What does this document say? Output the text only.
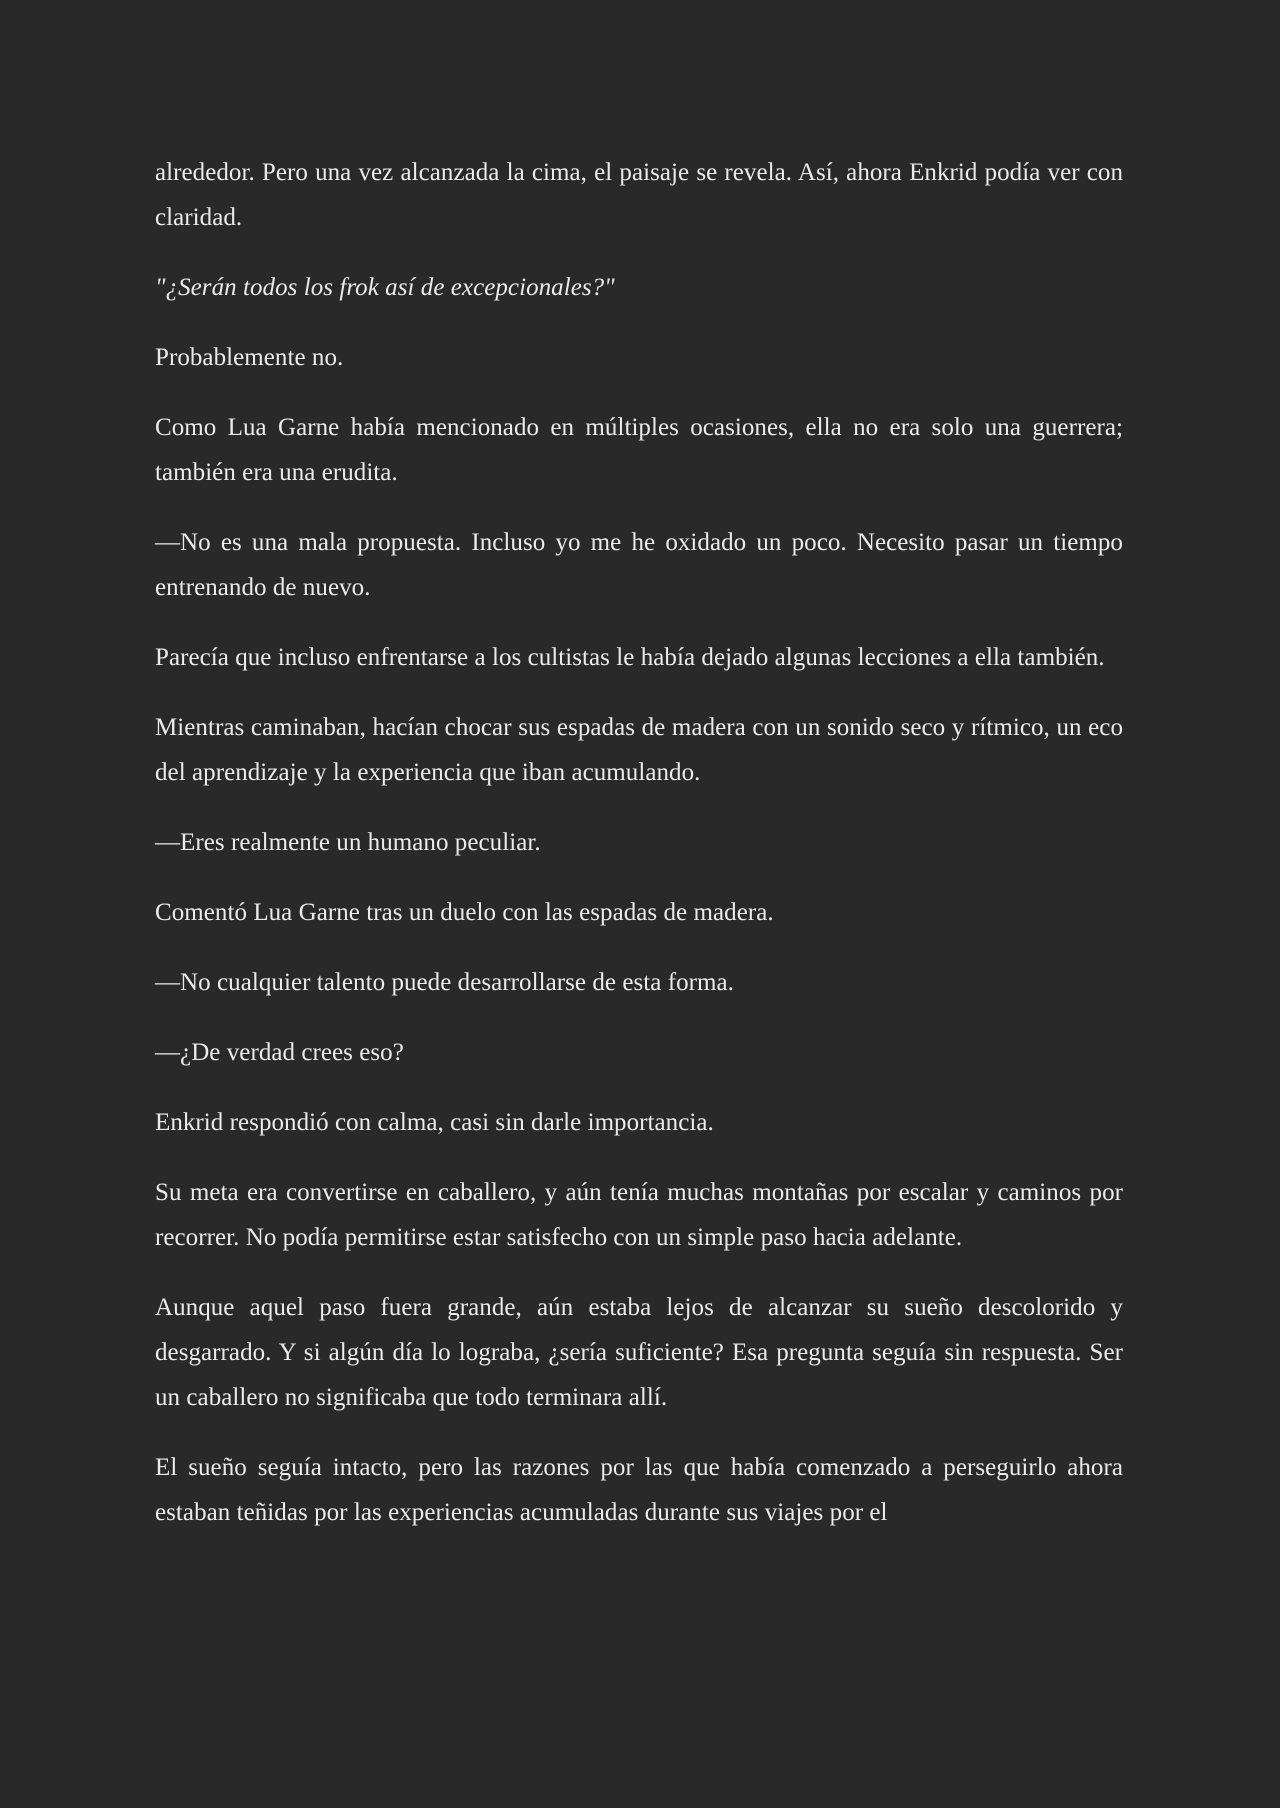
alrededor. Pero una vez alcanzada la cima, el paisaje se revela. Así, ahora Enkrid podía ver con claridad.

"¿Serán todos los frok así de excepcionales?"

Probablemente no.

Como Lua Garne había mencionado en múltiples ocasiones, ella no era solo una guerrera; también era una erudita.

—No es una mala propuesta. Incluso yo me he oxidado un poco. Necesito pasar un tiempo entrenando de nuevo.

Parecía que incluso enfrentarse a los cultistas le había dejado algunas lecciones a ella también.

Mientras caminaban, hacían chocar sus espadas de madera con un sonido seco y rítmico, un eco del aprendizaje y la experiencia que iban acumulando.

—Eres realmente un humano peculiar.

Comentó Lua Garne tras un duelo con las espadas de madera.

—No cualquier talento puede desarrollarse de esta forma.

—¿De verdad crees eso?

Enkrid respondió con calma, casi sin darle importancia.

Su meta era convertirse en caballero, y aún tenía muchas montañas por escalar y caminos por recorrer. No podía permitirse estar satisfecho con un simple paso hacia adelante.

Aunque aquel paso fuera grande, aún estaba lejos de alcanzar su sueño descolorido y desgarrado. Y si algún día lo lograba, ¿sería suficiente? Esa pregunta seguía sin respuesta. Ser un caballero no significaba que todo terminara allí.

El sueño seguía intacto, pero las razones por las que había comenzado a perseguirlo ahora estaban teñidas por las experiencias acumuladas durante sus viajes por el
